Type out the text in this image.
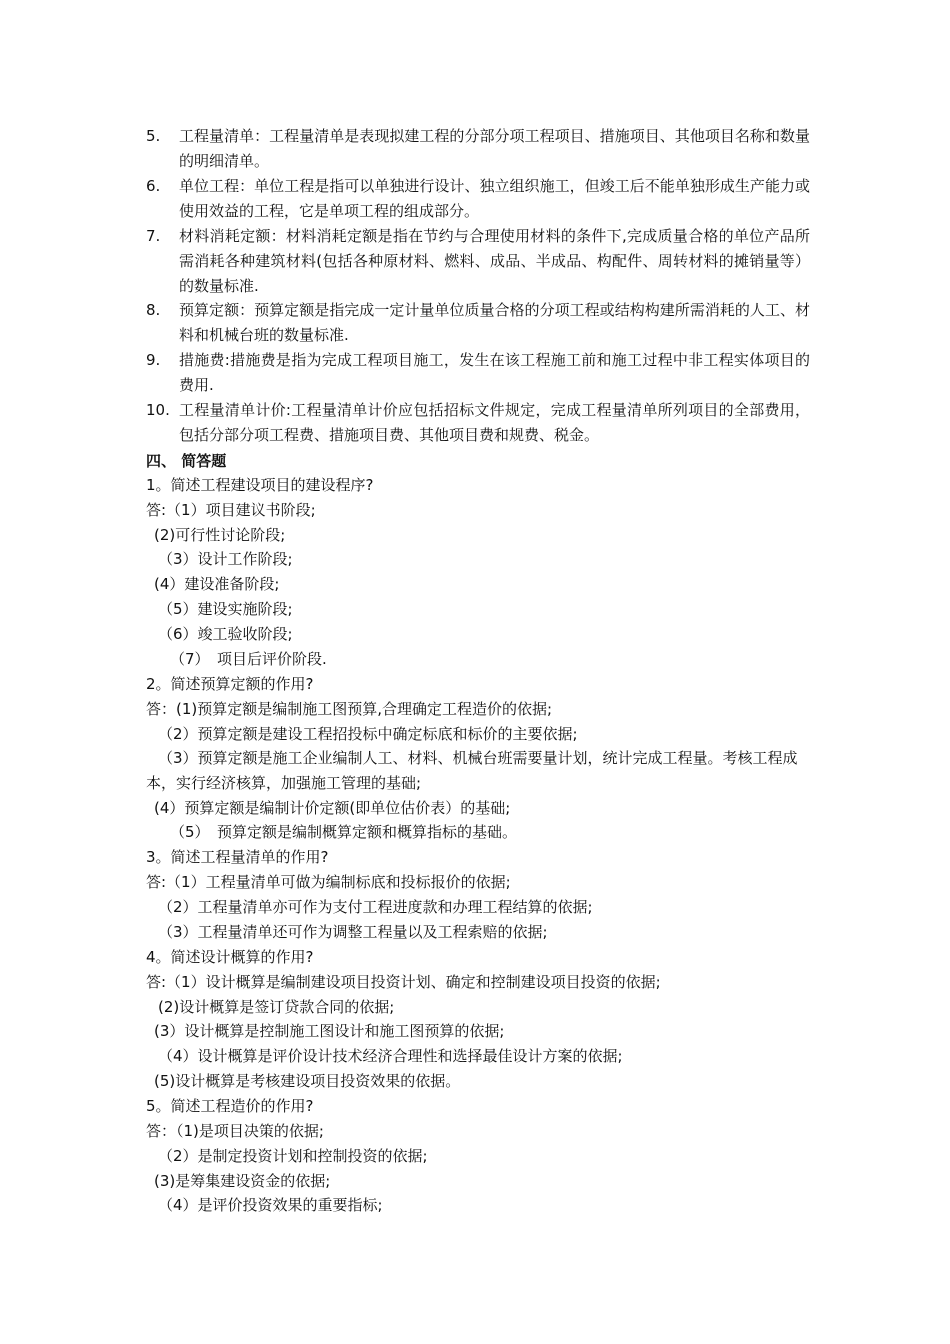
5.	工程量清单：工程量清单是表现拟建工程的分部分项工程项目、措施项目、其他项目名称和数量的明细清单。
6.	单位工程：单位工程是指可以单独进行设计、独立组织施工，但竣工后不能单独形成生产能力或使用效益的工程，它是单项工程的组成部分。
7.	材料消耗定额：材料消耗定额是指在节约与合理使用材料的条件下,完成质量合格的单位产品所需消耗各种建筑材料(包括各种原材料、燃料、成品、半成品、构配件、周转材料的摊销量等）的数量标准.
8.	预算定额：预算定额是指完成一定计量单位质量合格的分项工程或结构构建所需消耗的人工、材料和机械台班的数量标准.
9.	措施费:措施费是指为完成工程项目施工，发生在该工程施工前和施工过程中非工程实体项目的费用.
10. 工程量清单计价:工程量清单计价应包括招标文件规定，完成工程量清单所列项目的全部费用，包括分部分项工程费、措施项目费、其他项目费和规费、税金。
四、 简答题
1。简述工程建设项目的建设程序?
答:（1）项目建议书阶段;
(2)可行性讨论阶段;
（3）设计工作阶段;
(4）建设准备阶段;
（5）建设实施阶段;
（6）竣工验收阶段;
（7）　项目后评价阶段.
2。简述预算定额的作用?
答：(1)预算定额是编制施工图预算,合理确定工程造价的依据;
（2）预算定额是建设工程招投标中确定标底和标价的主要依据;
（3）预算定额是施工企业编制人工、材料、机械台班需要量计划，统计完成工程量。考核工程成本，实行经济核算，加强施工管理的基础;
(4）预算定额是编制计价定额(即单位估价表）的基础;
（5）　预算定额是编制概算定额和概算指标的基础。
3。简述工程量清单的作用?
答:（1）工程量清单可做为编制标底和投标报价的依据;
（2）工程量清单亦可作为支付工程进度款和办理工程结算的依据;
（3）工程量清单还可作为调整工程量以及工程索赔的依据;
4。简述设计概算的作用?
答:（1）设计概算是编制建设项目投资计划、确定和控制建设项目投资的依据;
(2)设计概算是签订贷款合同的依据;
(3）设计概算是控制施工图设计和施工图预算的依据;
（4）设计概算是评价设计技术经济合理性和选择最佳设计方案的依据;
(5)设计概算是考核建设项目投资效果的依据。
5。简述工程造价的作用?
答：（1)是项目决策的依据;
（2）是制定投资计划和控制投资的依据;
(3)是筹集建设资金的依据;
（4）是评价投资效果的重要指标;
